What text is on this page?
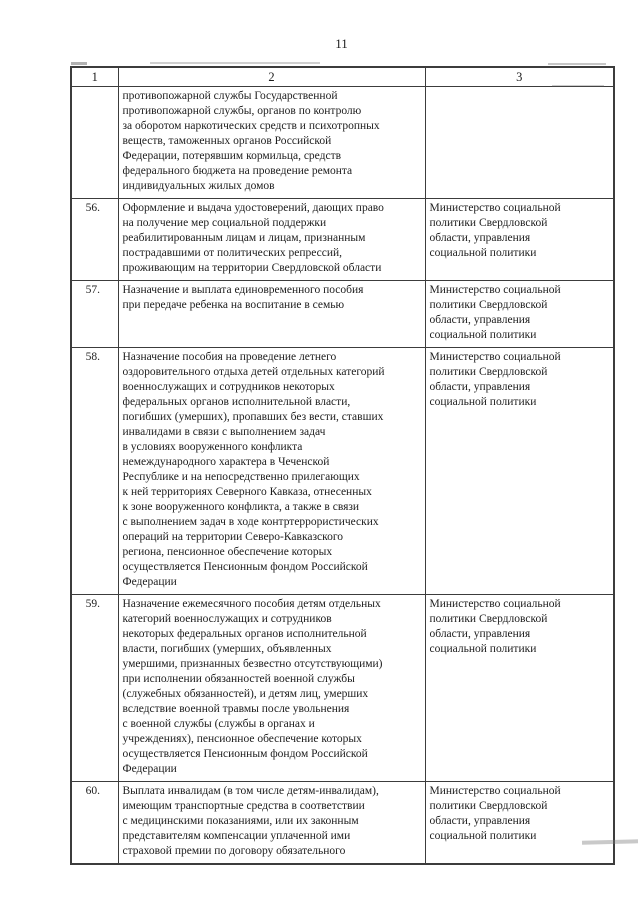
11
1	2	3
	противопожарной службы Государственной
противопожарной службы, органов по контролю
за оборотом наркотических средств и психотропных
веществ, таможенных органов Российской
Федерации, потерявшим кормильца, средств
федерального бюджета на проведение ремонта
индивидуальных жилых домов	
56.	Оформление и выдача удостоверений, дающих право
на получение мер социальной поддержки
реабилитированным лицам и лицам, признанным
пострадавшими от политических репрессий,
проживающим на территории Свердловской области	Министерство социальной
политики Свердловской
области, управления
социальной политики
57.	Назначение и выплата единовременного пособия
при передаче ребенка на воспитание в семью	Министерство социальной
политики Свердловской
области, управления
социальной политики
58.	Назначение пособия на проведение летнего
оздоровительного отдыха детей отдельных категорий
военнослужащих и сотрудников некоторых
федеральных органов исполнительной власти,
погибших (умерших), пропавших без вести, ставших
инвалидами в связи с выполнением задач
в условиях вооруженного конфликта
немеждународного характера в Чеченской
Республике и на непосредственно прилегающих
к ней территориях Северного Кавказа, отнесенных
к зоне вооруженного конфликта, а также в связи
с выполнением задач в ходе контртеррористических
операций на территории Северо-Кавказского
региона, пенсионное обеспечение которых
осуществляется Пенсионным фондом Российской
Федерации	Министерство социальной
политики Свердловской
области, управления
социальной политики
59.	Назначение ежемесячного пособия детям отдельных
категорий военнослужащих и сотрудников
некоторых федеральных органов исполнительной
власти, погибших (умерших, объявленных
умершими, признанных безвестно отсутствующими)
при исполнении обязанностей военной службы
(служебных обязанностей), и детям лиц, умерших
вследствие военной травмы после увольнения
с военной службы (службы в органах и
учреждениях), пенсионное обеспечение которых
осуществляется Пенсионным фондом Российской
Федерации	Министерство социальной
политики Свердловской
области, управления
социальной политики
60.	Выплата инвалидам (в том числе детям-инвалидам),
имеющим транспортные средства в соответствии
с медицинскими показаниями, или их законным
представителям компенсации уплаченной ими
страховой премии по договору обязательного	Министерство социальной
политики Свердловской
области, управления
социальной политики
